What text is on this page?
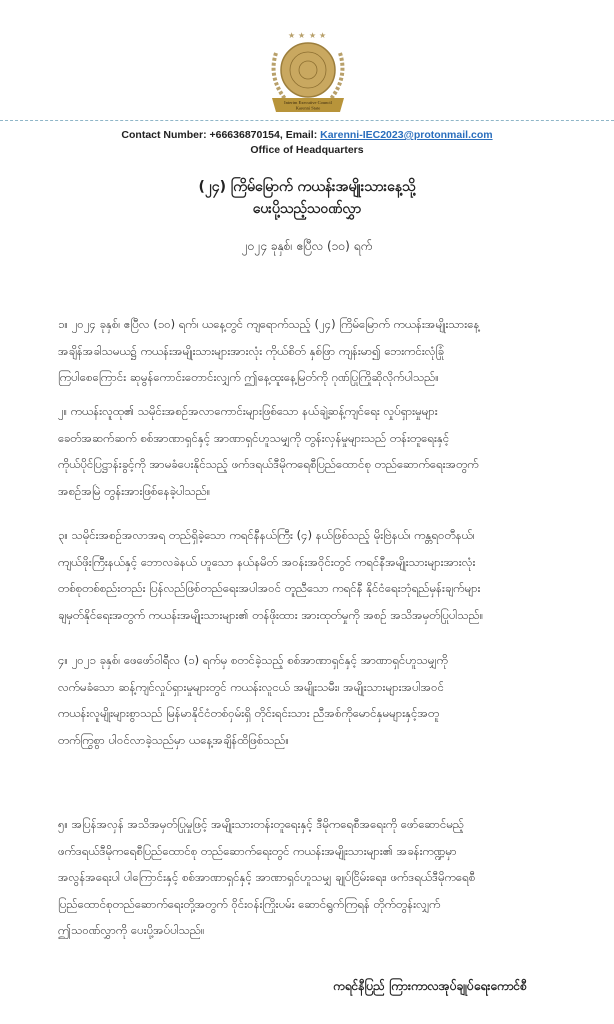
★ ★ ★ ★
Interim Executive Council
Karenni State
Contact Number: +66636870154, Email: Karenni-IEC2023@protonmail.com
Office of Headquarters
(၂၄) ကြိမ်မြောက် ကယန်းအမျိုးသားနေ့သို့
ပေးပို့သည့်သဝဏ်လွှာ
၂၀၂၄ ခုနှစ်၊ ဧပြီလ (၁၀) ရက်
၁။ ၂၀၂၄ ခုနှစ်၊ ဧပြီလ (၁၀) ရက်၊ ယနေ့တွင် ကျရောက်သည့် (၂၄) ကြိမ်မြောက် ကယန်းအမျိုးသားနေ့
အချိန်အခါသမယ၌ ကယန်းအမျိုးသားများအားလုံး ကိုယ်စိတ် နှစ်ဖြာ ကျန်းမာ၍ ဘေးကင်းလုံခြုံ
ကြပါစေကြောင်း ဆုမွန်ကောင်းတောင်းလျှက် ဤနေ့ထူးနေ့မြတ်ကို ဂုဏ်ပြုကြိုဆိုလိုက်ပါသည်။
၂။ ကယန်းလူထု၏ သမိုင်းအစဉ်အလာကောင်းများဖြစ်သော နယ်ချဲ့ဆန့်ကျင်ရေး လှုပ်ရှားမှုများ
ခေတ်အဆက်ဆက် စစ်အာဏာရှင်နှင့် အာဏာရှင်ဟူသမျှကို တွန်းလှန်မှုများသည် တန်းတူရေးနှင့်
ကိုယ်ပိုင်ပြဋ္ဌာန်းခွင့်ကို အာမခံပေးနိုင်သည့် ဖက်ဒရယ်ဒီမိုကရေစီပြည်ထောင်စု တည်ဆောက်ရေးအတွက်
အစဉ်အမြဲ တွန်းအားဖြစ်နေခဲ့ပါသည်။
၃။ သမိုင်းအစဉ်အလာအရ တည်ရှိခဲ့သော ကရင်နီနယ်ကြီး (၄) နယ်ဖြစ်သည့် မိုးဗြဲနယ်၊ ကန္တရဝတီနယ်၊
ကျယ်ဖိုးကြီးနယ်နှင့် ဘောလခဲနယ် ဟူသော နယ်နမိတ် အဝန်းအဝိုင်းတွင် ကရင်နီအမျိုးသားများအားလုံး
တစ်စုတစ်စည်းတည်း ပြန်လည်ဖြစ်တည်ရေးအပါအဝင် တူညီသော ကရင်နီ နိုင်ငံရေးဘုံရည်မှန်းချက်များ
ချမှတ်နိုင်ရေးအတွက် ကယန်းအမျိုးသားများ၏ တန်ဖိုးထား အားထုတ်မှုကို အစဉ် အသိအမှတ်ပြုပါသည်။
၄။ ၂၀၂၁ ခုနှစ်၊ ဖေဖော်ဝါရီလ (၁) ရက်မှ စတင်ခဲ့သည့် စစ်အာဏာရှင်နှင့် အာဏာရှင်ဟူသမျှကို
လက်မခံသော ဆန့်ကျင်လှုပ်ရှားမှုများတွင် ကယန်းလူငယ် အမျိုးသမီး၊ အမျိုးသားများအပါအဝင်
ကယန်းလူမျိုးများစွာသည် မြန်မာနိုင်ငံတစ်ဝှမ်းရှိ တိုင်းရင်းသား ညီအစ်ကိုမောင်နှမများနှင့်အတူ
တက်ကြွစွာ ပါဝင်လာခဲ့သည်မှာ ယနေ့အချိန်ထိဖြစ်သည်။
၅။ အပြန်အလှန် အသိအမှတ်ပြုမှုဖြင့် အမျိုးသားတန်းတူရေးနှင့် ဒီမိုကရေစီအရေးကို ဖော်ဆောင်မည့်
ဖက်ဒရယ်ဒီမိုကရေစီပြည်ထောင်စု တည်ဆောက်ရေးတွင် ကယန်းအမျိုးသားများ၏ အခန်းကဏ္ဍမှာ
အလွန်အရေးပါ ပါကြောင်းနှင့် စစ်အာဏာရှင်နှင့် အာဏာရှင်ဟူသမျှ ချုပ်ငြိမ်းရေး၊ ဖက်ဒရယ်ဒီမိုကရေစီ
ပြည်ထောင်စုတည်ဆောက်ရေးတို့အတွက် ဝိုင်းဝန်းကြိုးပမ်း ဆောင်ရွက်ကြရန် တိုက်တွန်းလျှက်
ဤသဝဏ်လွှာကို ပေးပို့အပ်ပါသည်။
ကရင်နီပြည် ကြားကာလအုပ်ချုပ်ရေးကောင်စီ
